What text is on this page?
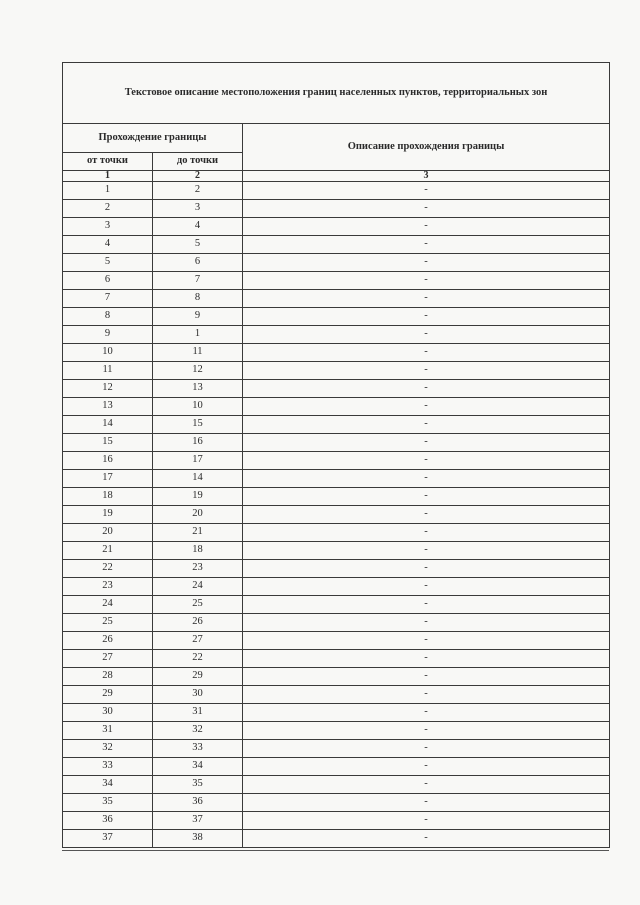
Текстовое описание местоположения границ населенных пунктов, территориальных зон		
Прохождение границы		Описание прохождения границы
от точки	до точки	
1	2	3
1	2	-
2	3	-
3	4	-
4	5	-
5	6	-
6	7	-
7	8	-
8	9	-
9	1	-
10	11	-
11	12	-
12	13	-
13	10	-
14	15	-
15	16	-
16	17	-
17	14	-
18	19	-
19	20	-
20	21	-
21	18	-
22	23	-
23	24	-
24	25	-
25	26	-
26	27	-
27	22	-
28	29	-
29	30	-
30	31	-
31	32	-
32	33	-
33	34	-
34	35	-
35	36	-
36	37	-
37	38	-
